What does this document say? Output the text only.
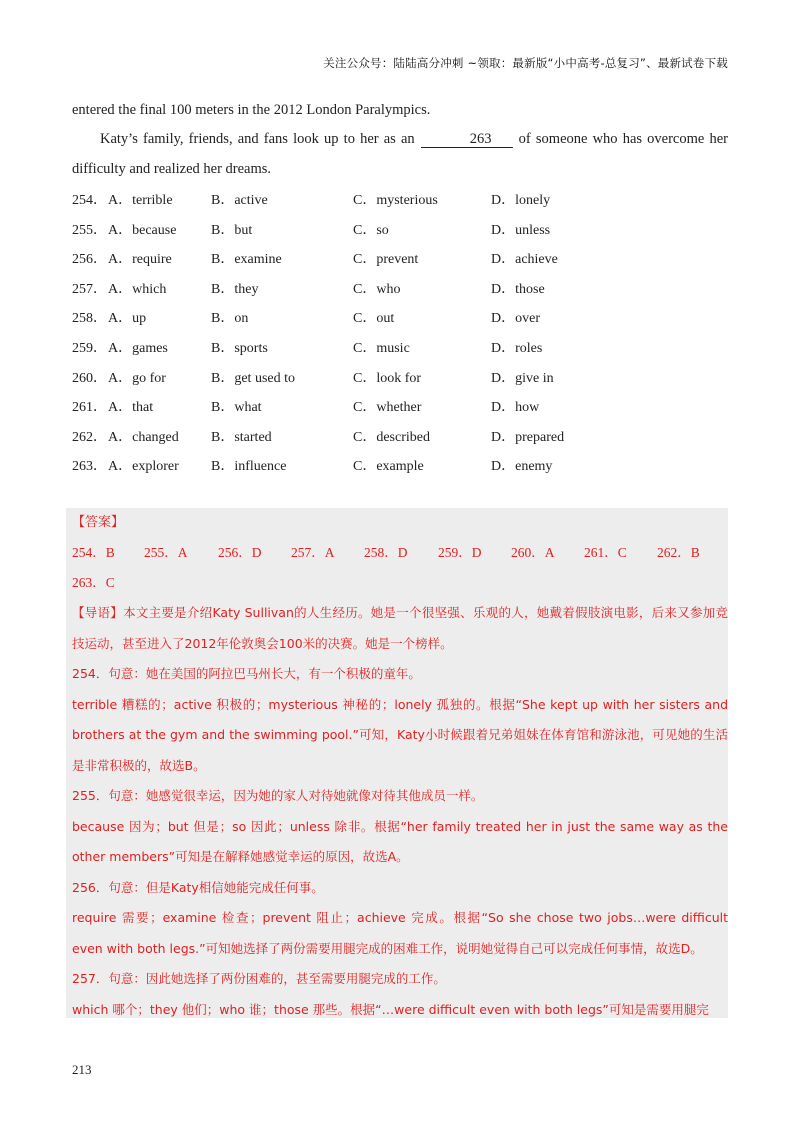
关注公众号：陆陆高分冲刺 ~领取：最新版“小中高考-总复习”、最新试卷下载
entered the final 100 meters in the 2012 London Paralympics.
Katy’s family, friends, and fans look up to her as an	263 of someone who has overcome her difficulty and realized her dreams.
254． A．terrible	B．active	C．mysterious	D．lonely
255． A．because B．but	C．so	D．unless
256． A．require	B．examine	C．prevent	D．achieve
257． A．which	B．they	C．who	D．those
258． A．up	B．on	C．out	D．over
259． A．games	B．sports	C．music	D．roles
260． A．go for	B．get used to	C．look for	D．give in
261． A．that	B．what	C．whether	D．how
262． A．changed B．started	C．described	D．prepared
263． A．explorer B．influence	C．example	D．enemy
【答案】
254．B 255．A 256．D 257．A 258．D 259．D 260．A 261．C 262．B
263．C

【导语】本文主要是介绍Katy Sullivan的人生经历。她是一个很坚强、乐观的人，她戴着假肢演电影，后来又参加竞技运动，甚至进入了2012年伦敦奥会100米的决赛。她是一个榜样。

254．句意：她在美国的阿拉巴马州长大，有一个积极的童年。

terrible 糟糕的；active 积极的；mysterious 神秘的；lonely 孤独的。根据“She kept up with her sisters and brothers at the gym and the swimming pool.”可知，Katy小时候跟着兄弟姐妹在体育馆和游泳池，可见她的生活是非常积极的，故选B。

255．句意：她感觉很幸运，因为她的家人对待她就像对待其他成员一样。

because 因为；but 但是；so 因此；unless 除非。根据“her family treated her in just the same way as the other members”可知是在解释她感觉幸运的原因，故选A。

256．句意：但是Katy相信她能完成任何事。

require 需要；examine 检查；prevent 阻止；achieve 完成。根据“So she chose two jobs…were difficult even with both legs.”可知她选择了两份需要用腿完成的困难工作，说明她觉得自己可以完成任何事情，故选D。

257．句意：因此她选择了两份困难的，甚至需要用腿完成的工作。

which 哪个；they 他们；who 谁；those 那些。根据“…were difficult even with both legs”可知是需要用腿完

213
